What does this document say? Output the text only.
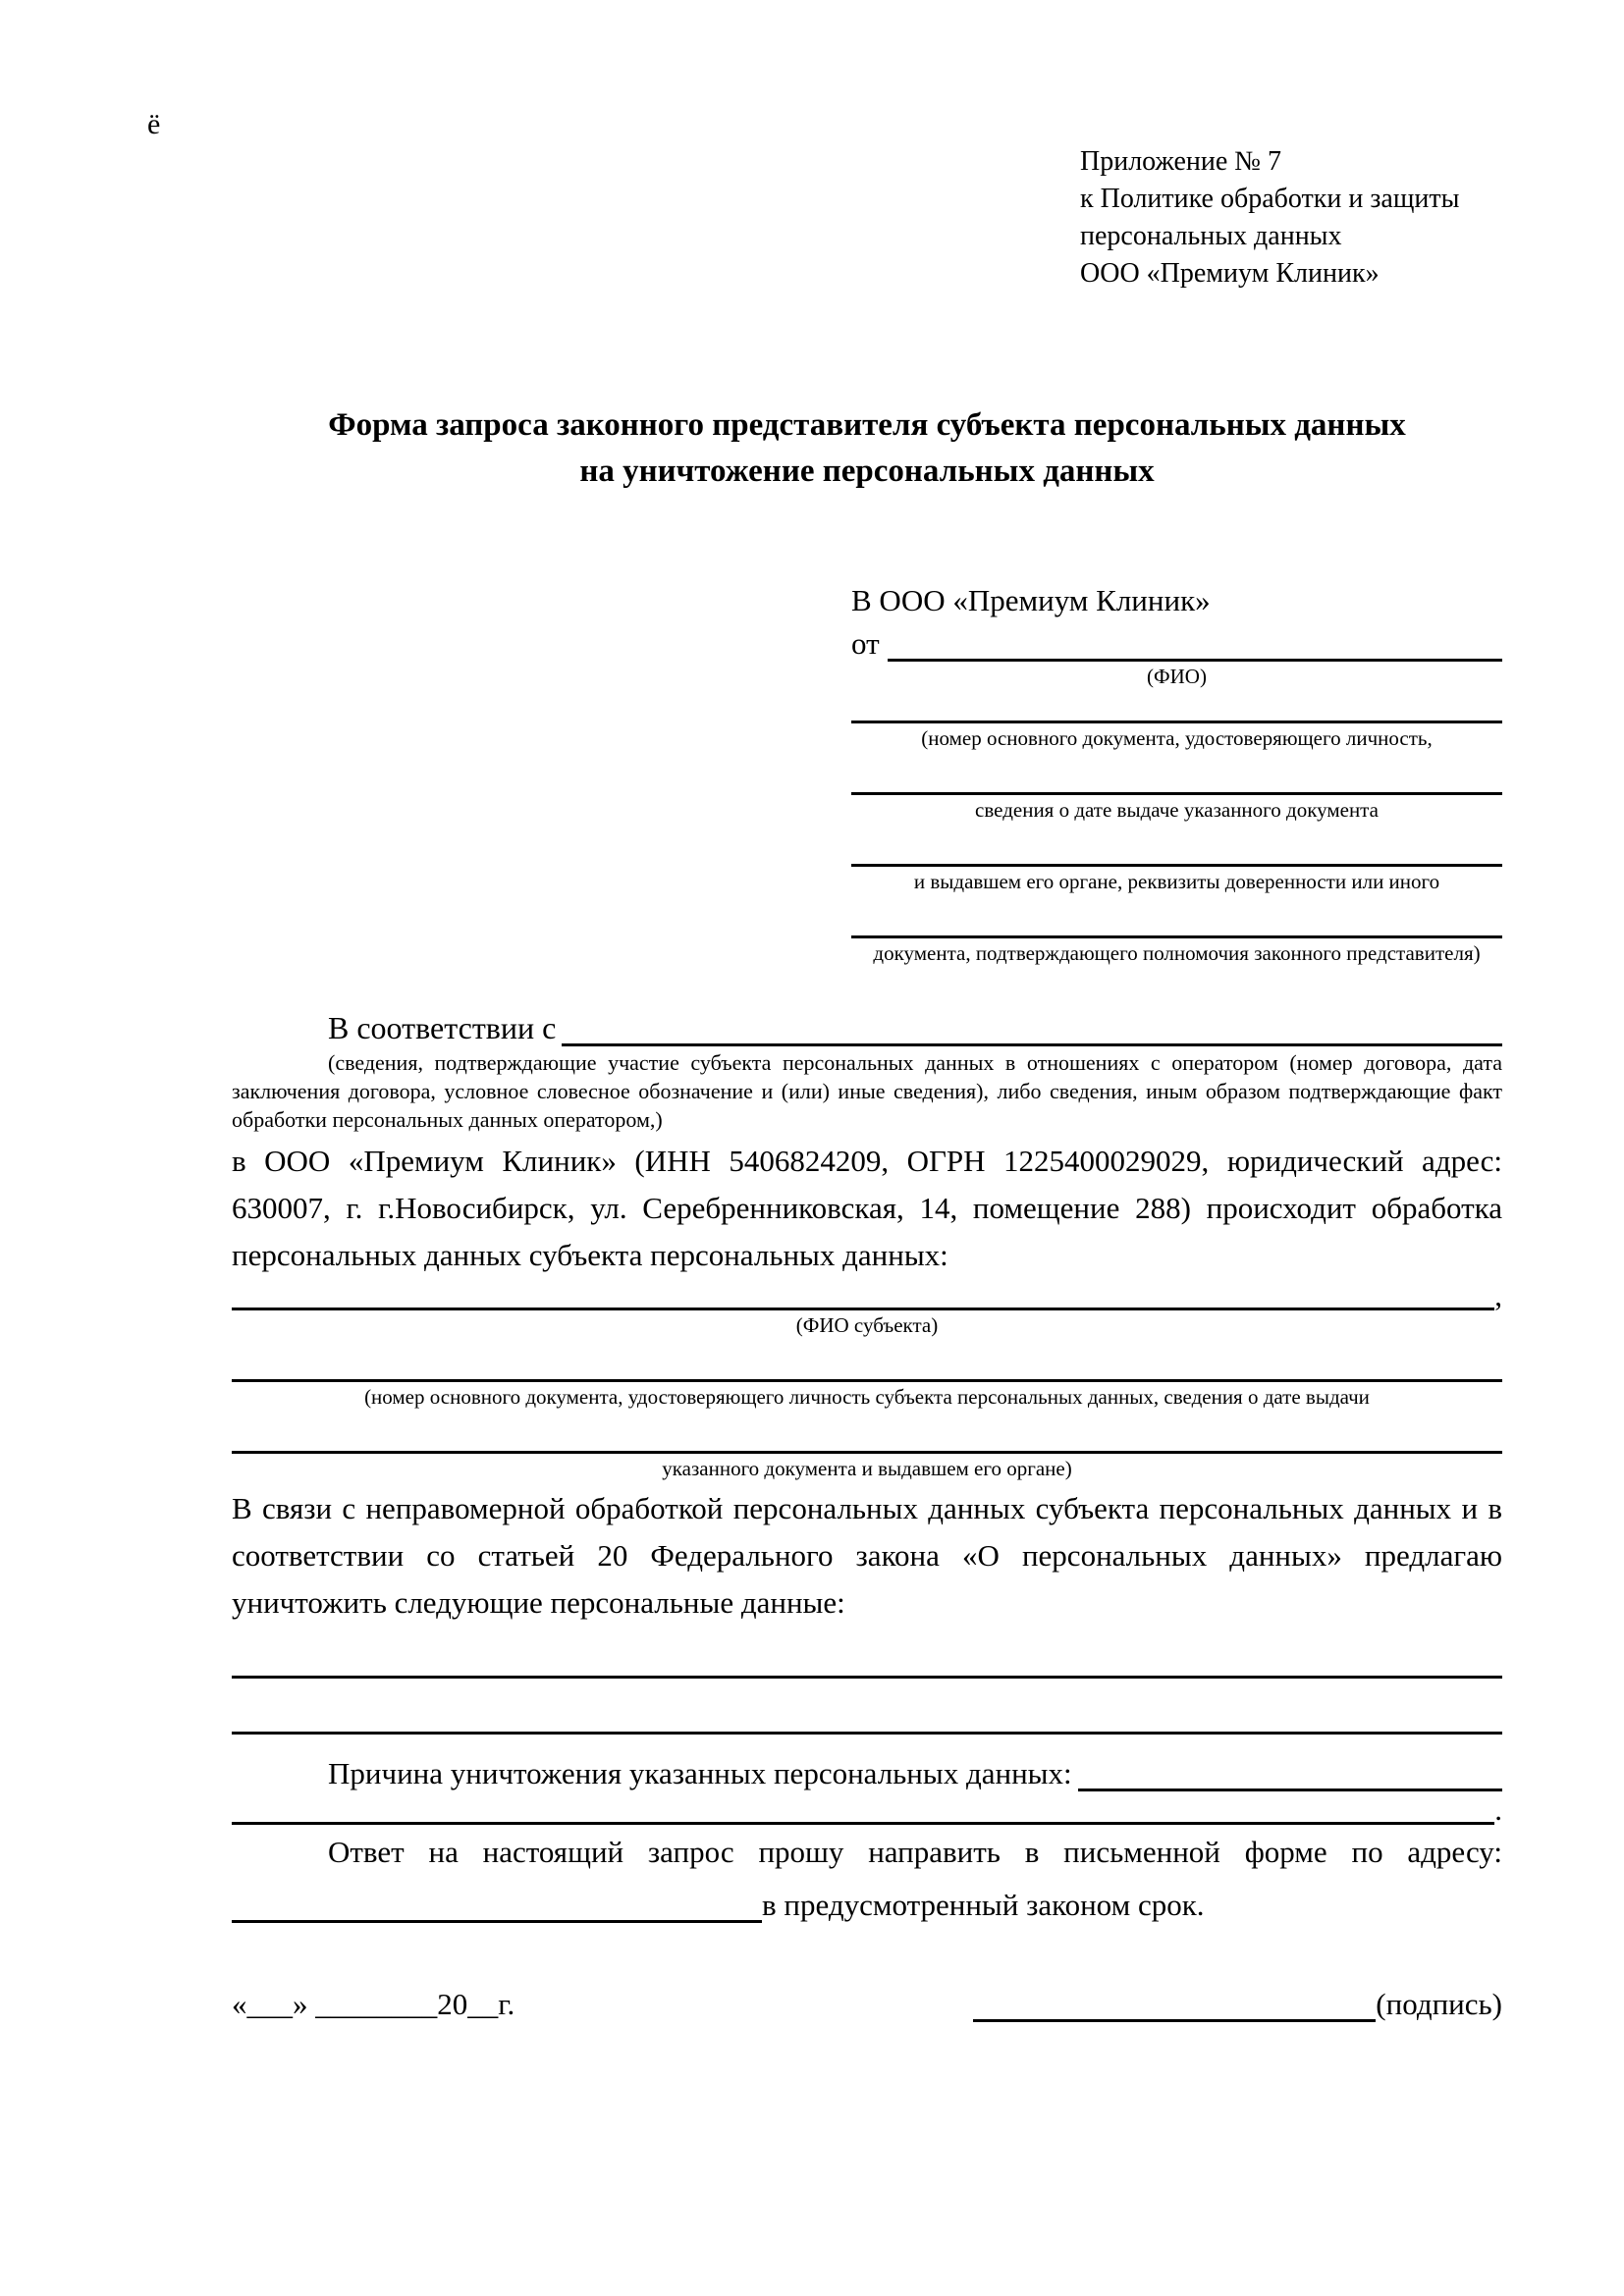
ё
Приложение № 7
к Политике обработки и защиты
персональных данных
ООО «Премиум Клиник»
Форма запроса законного представителя субъекта персональных данных
на уничтожение персональных данных
В ООО «Премиум Клиник»
от
(ФИО)
(номер основного документа, удостоверяющего личность,
сведения о дате выдаче указанного документа
и выдавшем его органе, реквизиты доверенности или иного
документа, подтверждающего полномочия законного представителя)
В соответствии с
(сведения, подтверждающие участие субъекта персональных данных в отношениях с оператором (номер договора, дата заключения договора, условное словесное обозначение и (или) иные сведения), либо сведения, иным образом подтверждающие факт обработки персональных данных оператором,)

в ООО «Премиум Клиник» (ИНН 5406824209, ОГРН 1225400029029, юридический адрес: 630007, г. г.Новосибирск, ул. Серебренниковская, 14, помещение 288) происходит обработка персональных данных субъекта персональных данных:

,
(ФИО субъекта)
(номер основного документа, удостоверяющего личность субъекта персональных данных, сведения о дате выдачи
указанного документа и выдавшем его органе)

В связи с неправомерной обработкой персональных данных субъекта персональных данных и в соответствии со статьей 20 Федерального закона «О персональных данных» предлагаю уничтожить следующие персональные данные:

Причина уничтожения указанных персональных данных:
.

Ответ на настоящий запрос прошу направить в письменной форме по адресу:

в предусмотренный законом срок.
«___» ________20__г.	(подпись)
